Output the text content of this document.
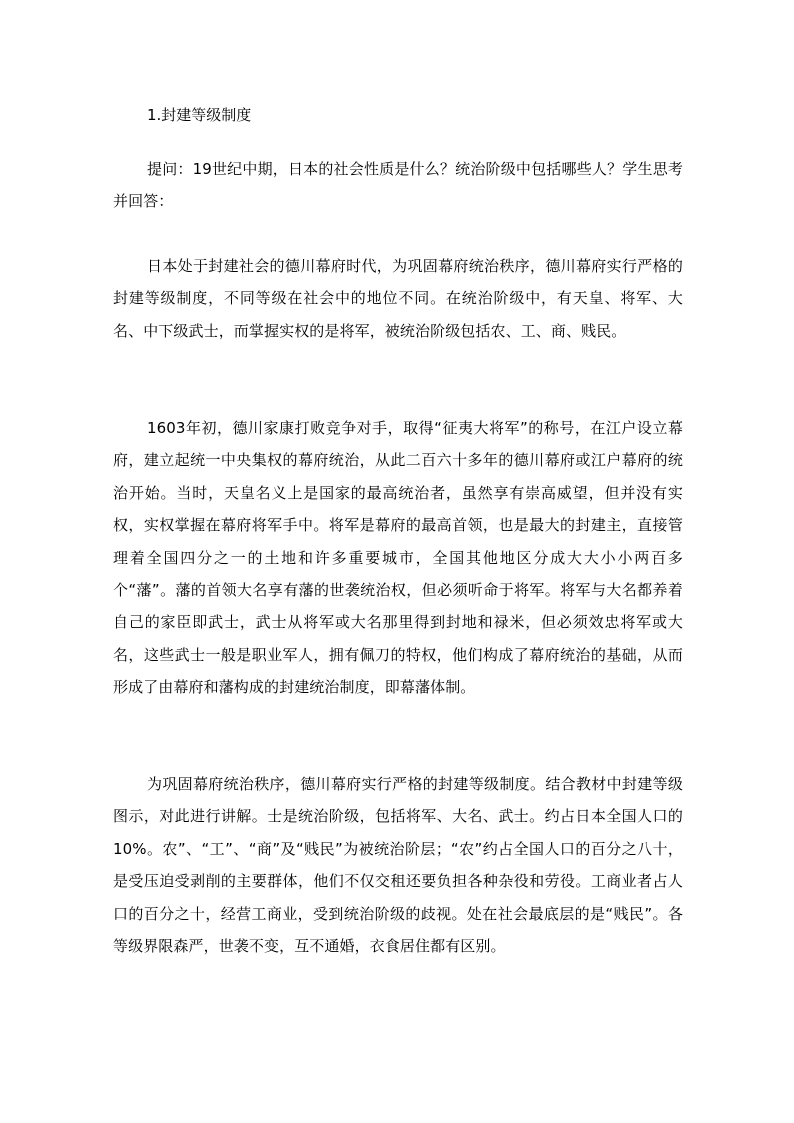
1.封建等级制度

提问：19世纪中期，日本的社会性质是什么？统治阶级中包括哪些人？学生思考并回答：

日本处于封建社会的德川幕府时代，为巩固幕府统治秩序，德川幕府实行严格的封建等级制度，不同等级在社会中的地位不同。在统治阶级中，有天皇、将军、大名、中下级武士，而掌握实权的是将军，被统治阶级包括农、工、商、贱民。

1603年初，德川家康打败竞争对手，取得“征夷大将军”的称号，在江户设立幕府，建立起统一中央集权的幕府统治，从此二百六十多年的德川幕府或江户幕府的统治开始。当时，天皇名义上是国家的最高统治者，虽然享有崇高威望，但并没有实权，实权掌握在幕府将军手中。将军是幕府的最高首领，也是最大的封建主，直接管理着全国四分之一的土地和许多重要城市，全国其他地区分成大大小小两百多个“藩”。藩的首领大名享有藩的世袭统治权，但必须听命于将军。将军与大名都养着自己的家臣即武士，武士从将军或大名那里得到封地和禄米，但必须效忠将军或大名，这些武士一般是职业军人，拥有佩刀的特权，他们构成了幕府统治的基础，从而形成了由幕府和藩构成的封建统治制度，即幕藩体制。

为巩固幕府统治秩序，德川幕府实行严格的封建等级制度。结合教材中封建等级图示，对此进行讲解。士是统治阶级，包括将军、大名、武士。约占日本全国人口的10%。农”、“工”、“商”及“贱民”为被统治阶层；“农”约占全国人口的百分之八十，是受压迫受剥削的主要群体，他们不仅交租还要负担各种杂役和劳役。工商业者占人口的百分之十，经营工商业，受到统治阶级的歧视。处在社会最底层的是“贱民”。各等级界限森严，世袭不变，互不通婚，衣食居住都有区别。
